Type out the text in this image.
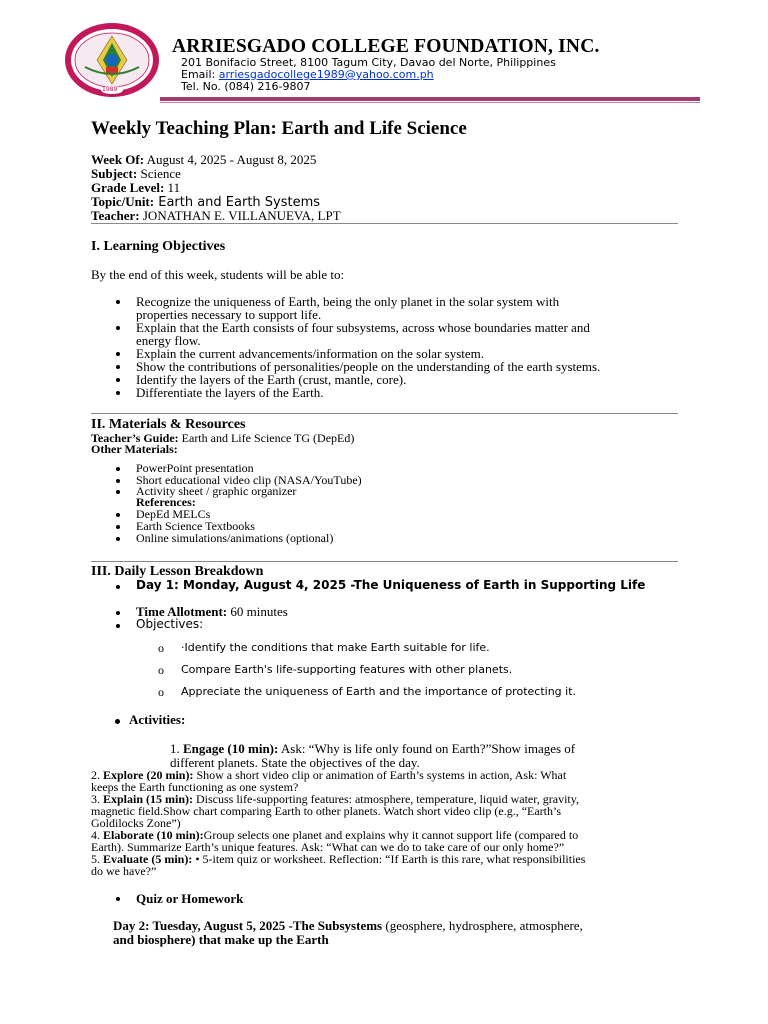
1989
ARRIESGADO COLLEGE FOUNDATION, INC.
201 Bonifacio Street, 8100 Tagum City, Davao del Norte, Philippines
Email: arriesgadocollege1989@yahoo.com.ph
Tel. No. (084) 216-9807
Weekly Teaching Plan: Earth and Life Science
Week Of: August 4, 2025 - August 8, 2025
Subject: Science
Grade Level: 11
Topic/Unit: Earth and Earth Systems
Teacher: JONATHAN E. VILLANUEVA, LPT
I. Learning Objectives
By the end of this week, students will be able to:
Recognize the uniqueness of Earth, being the only planet in the solar system with
properties necessary to support life.
Explain that the Earth consists of four subsystems, across whose boundaries matter and
energy flow.
Explain the current advancements/information on the solar system.
Show the contributions of personalities/people on the understanding of the earth systems.
Identify the layers of the Earth (crust, mantle, core).
Differentiate the layers of the Earth.
II. Materials & Resources
Teacher’s Guide: Earth and Life Science TG (DepEd)
Other Materials:
PowerPoint presentation
Short educational video clip (NASA/YouTube)
Activity sheet / graphic organizer
References:
DepEd MELCs
Earth Science Textbooks
Online simulations/animations (optional)
III. Daily Lesson Breakdown
Day 1: Monday, August 4, 2025 -The Uniqueness of Earth in Supporting Life
Time Allotment: 60 minutes
Objectives:
o ·Identify the conditions that make Earth suitable for life.
o Compare Earth's life-supporting features with other planets.
o Appreciate the uniqueness of Earth and the importance of protecting it.
Activities:
1. Engage (10 min): Ask: “Why is life only found on Earth?”Show images of
different planets. State the objectives of the day.
2. Explore (20 min): Show a short video clip or animation of Earth’s systems in action, Ask: What
keeps the Earth functioning as one system?
3. Explain (15 min): Discuss life-supporting features: atmosphere, temperature, liquid water, gravity,
magnetic field.Show chart comparing Earth to other planets. Watch short video clip (e.g., “Earth’s
Goldilocks Zone”)
4. Elaborate (10 min):Group selects one planet and explains why it cannot support life (compared to
Earth). Summarize Earth’s unique features. Ask: “What can we do to take care of our only home?”
5. Evaluate (5 min): • 5-item quiz or worksheet. Reflection: “If Earth is this rare, what responsibilities
do we have?”
Quiz or Homework
Day 2: Tuesday, August 5, 2025 -The Subsystems (geosphere, hydrosphere, atmosphere,
and biosphere) that make up the Earth
